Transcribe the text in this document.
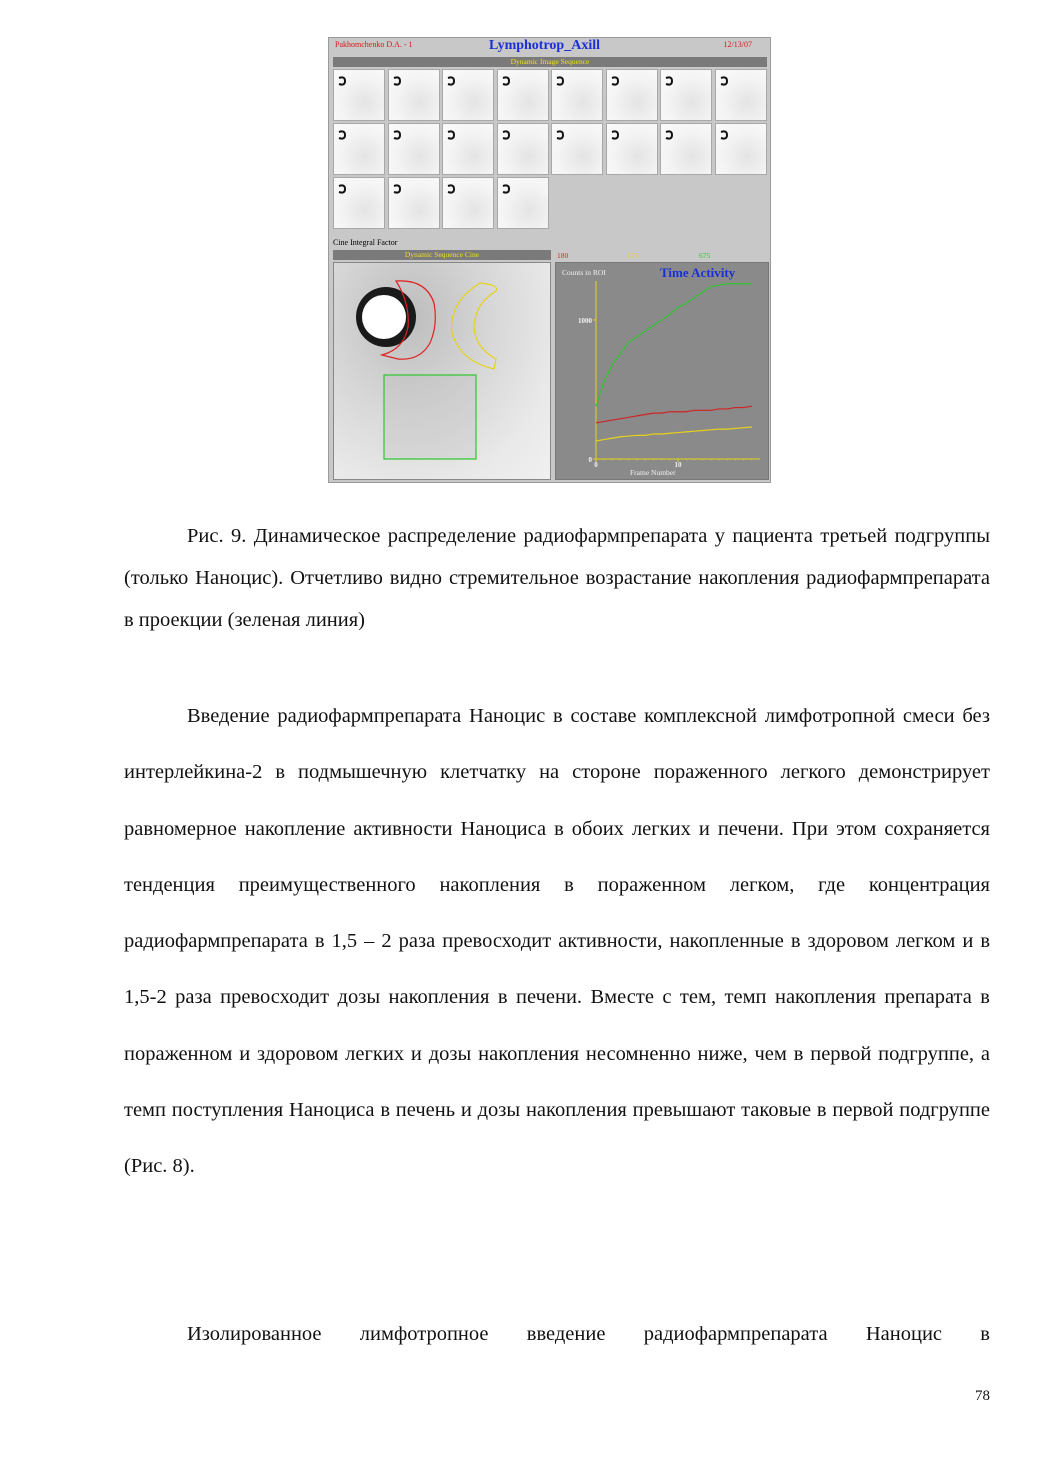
Pakhomchenko D.A. - 1	Lymphotrop_Axill	12/13/07
Dynamic Image Sequence
Cine Integral Factor
Dynamic Sequence Cine	180	179	675
Counts in ROI	Time Activity
Frame Number
0
1000
0	10

Рис. 9. Динамическое распределение радиофармпрепарата у пациента третьей подгруппы (только Наноцис). Отчетливо видно стремительное возрастание накопления радиофармпрепарата в проекции (зеленая линия)

Введение радиофармпрепарата Наноцис в составе комплексной лимфотропной смеси без интерлейкина-2 в подмышечную клетчатку на стороне пораженного легкого демонстрирует равномерное накопление активности Наноциса в обоих легких и печени. При этом сохраняется тенденция преимущественного накопления в пораженном легком, где концентрация радиофармпрепарата в 1,5 – 2 раза превосходит активности, накопленные в здоровом легком и в 1,5-2 раза превосходит дозы накопления в печени. Вместе с тем, темп накопления препарата в пораженном и здоровом легких и дозы накопления несомненно ниже, чем в первой подгруппе, а темп поступления Наноциса в печень и дозы накопления превышают таковые в первой подгруппе (Рис. 8).

Изолированное лимфотропное введение радиофармпрепарата Наноцис в

78
